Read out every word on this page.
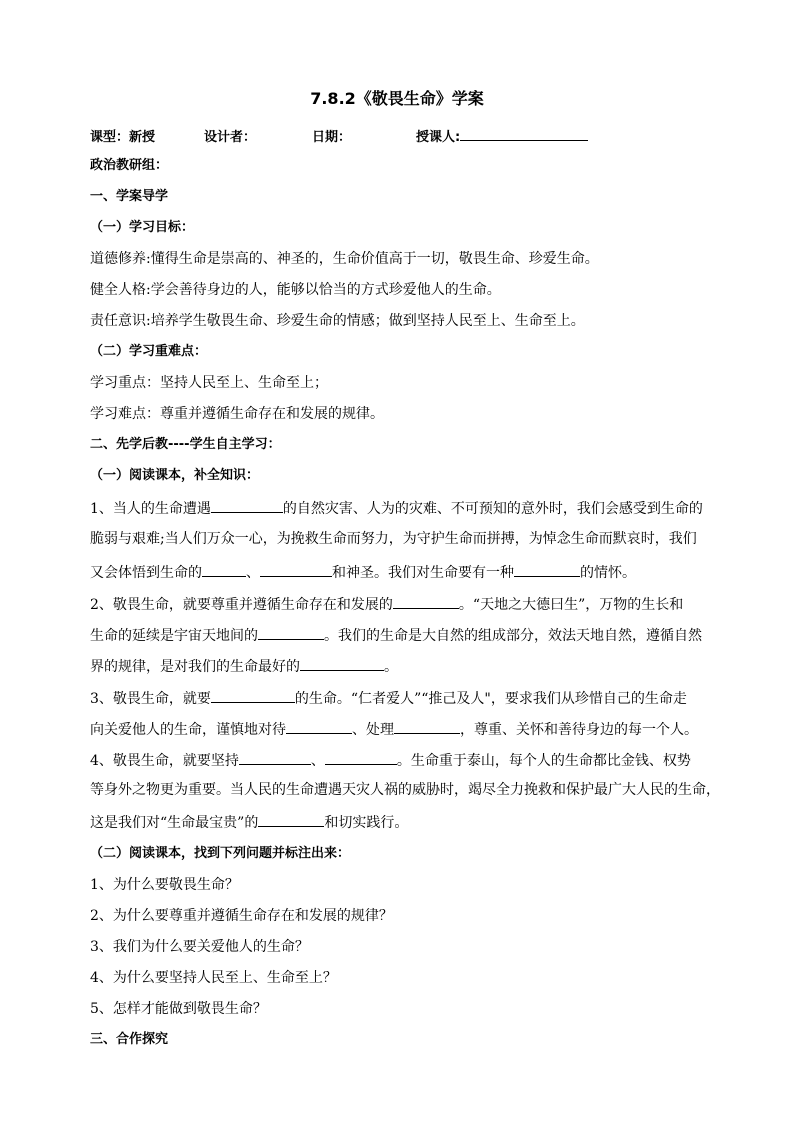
7.8.2《敬畏生命》学案
课型：新授	设计者：	日期：	授课人:
政治教研组：
一、学案导学
（一）学习目标：
道德修养:懂得生命是崇高的、神圣的，生命价值高于一切，敬畏生命、珍爱生命。
健全人格:学会善待身边的人，能够以恰当的方式珍爱他人的生命。
责任意识:培养学生敬畏生命、珍爱生命的情感；做到坚持人民至上、生命至上。
（二）学习重难点：
学习重点：坚持人民至上、生命至上；
学习难点：尊重并遵循生命存在和发展的规律。
二、先学后教----学生自主学习：
（一）阅读课本，补全知识：
1、当人的生命遭遇	的自然灾害、人为的灾难、不可预知的意外时，我们会感受到生命的
脆弱与艰难;当人们万众一心，为挽救生命而努力，为守护生命而拼搏，为悼念生命而默哀时，我们
又会体悟到生命的	、	和神圣。我们对生命要有一种	的情怀。
2、敬畏生命，就要尊重并遵循生命存在和发展的	。“天地之大德曰生”，万物的生长和
生命的延续是宇宙天地间的	。我们的生命是大自然的组成部分，效法天地自然，遵循自然
界的规律，是对我们的生命最好的	。
3、敬畏生命，就要	的生命。“仁者爱人”“推己及人"，要求我们从珍惜自己的生命走
向关爱他人的生命，谨慎地对待	、处理	，尊重、关怀和善待身边的每一个人。
4、敬畏生命，就要坚持	、	。生命重于泰山，每个人的生命都比金钱、权势
等身外之物更为重要。当人民的生命遭遇天灾人祸的威胁时，竭尽全力挽救和保护最广大人民的生命，
这是我们对“生命最宝贵”的	和切实践行。
（二）阅读课本，找到下列问题并标注出来：
1、为什么要敬畏生命？
2、为什么要尊重并遵循生命存在和发展的规律？
3、我们为什么要关爱他人的生命？
4、为什么要坚持人民至上、生命至上？
5、怎样才能做到敬畏生命？
三、合作探究
